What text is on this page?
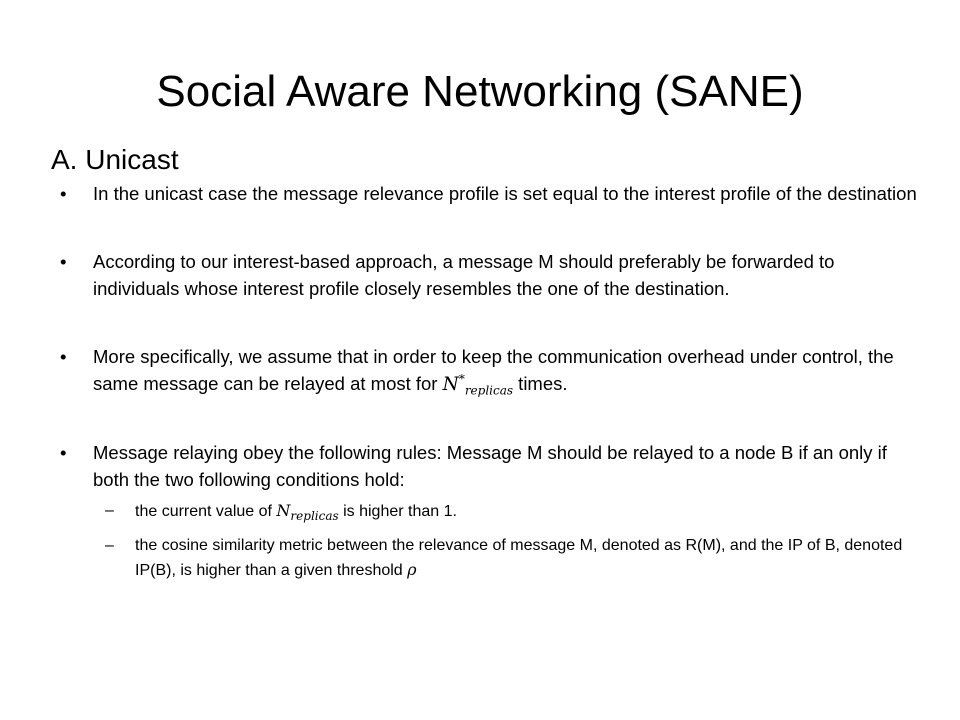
Social Aware Networking (SANE)
A. Unicast
• In the unicast case the message relevance profile is set equal to the interest profile of the destination
• According to our interest-based approach, a message M should preferably be forwarded to individuals whose interest profile closely resembles the one of the destination.
• More specifically, we assume that in order to keep the communication overhead under control, the same message can be relayed at most for $N^*_{replicas}$ times.
• Message relaying obey the following rules: Message M should be relayed to a node B if an only if both the two following conditions hold:
– the current value of $N_{replicas}$ is higher than 1.
– the cosine similarity metric between the relevance of message M, denoted as R(M), and the IP of B, denoted IP(B), is higher than a given threshold ρ
